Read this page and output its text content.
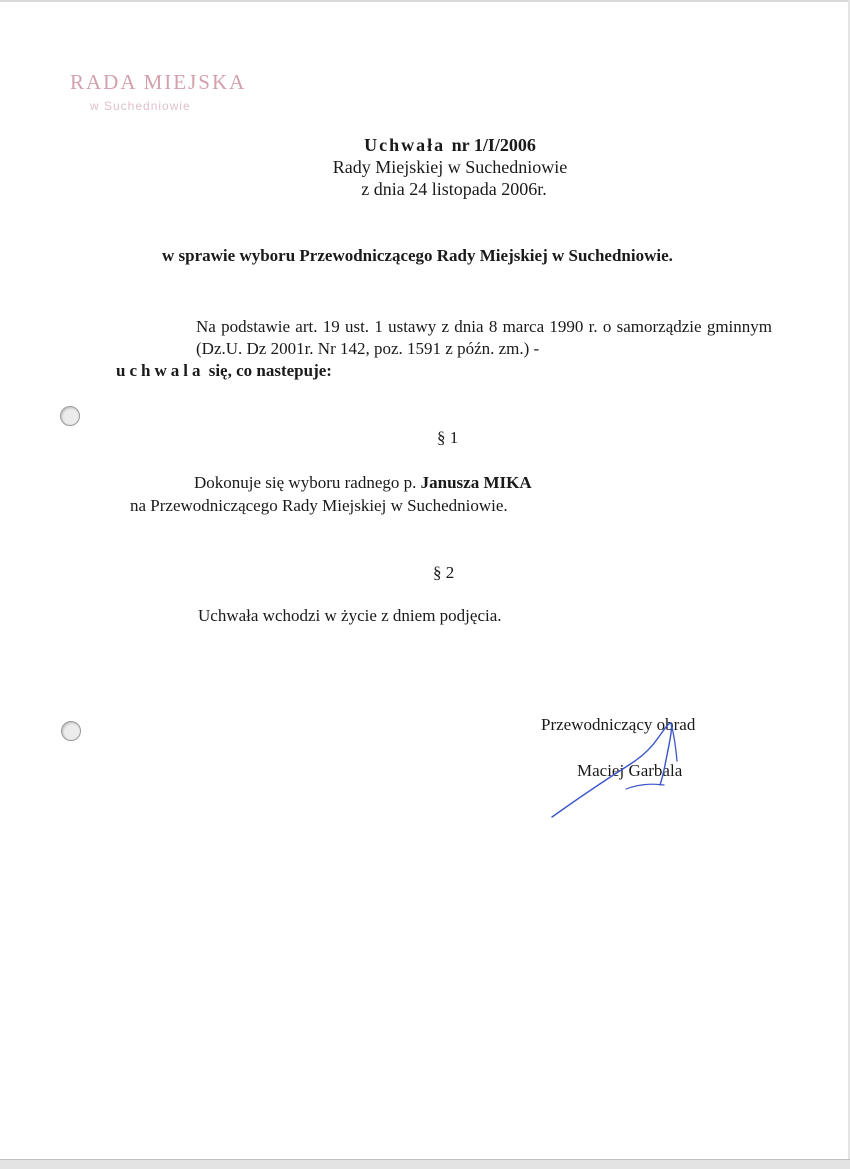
RADA MIEJSKA
w Suchedniowie
Uchwała nr 1/I/2006
Rady Miejskiej w Suchedniowie
z dnia 24 listopada 2006r.
w sprawie wyboru Przewodniczącego Rady Miejskiej w Suchedniowie.
Na podstawie art. 19 ust. 1 ustawy z dnia 8 marca 1990 r. o samorządzie gminnym (Dz.U. Dz 2001r. Nr 142, poz. 1591 z późn. zm.) -
uchwala się, co nastepuje:
§ 1
Dokonuje się wyboru radnego p. Janusza MIKA
na Przewodniczącego Rady Miejskiej w Suchedniowie.
§ 2
Uchwała wchodzi w życie z dniem podjęcia.
Przewodniczący obrad
Maciej Garbala
